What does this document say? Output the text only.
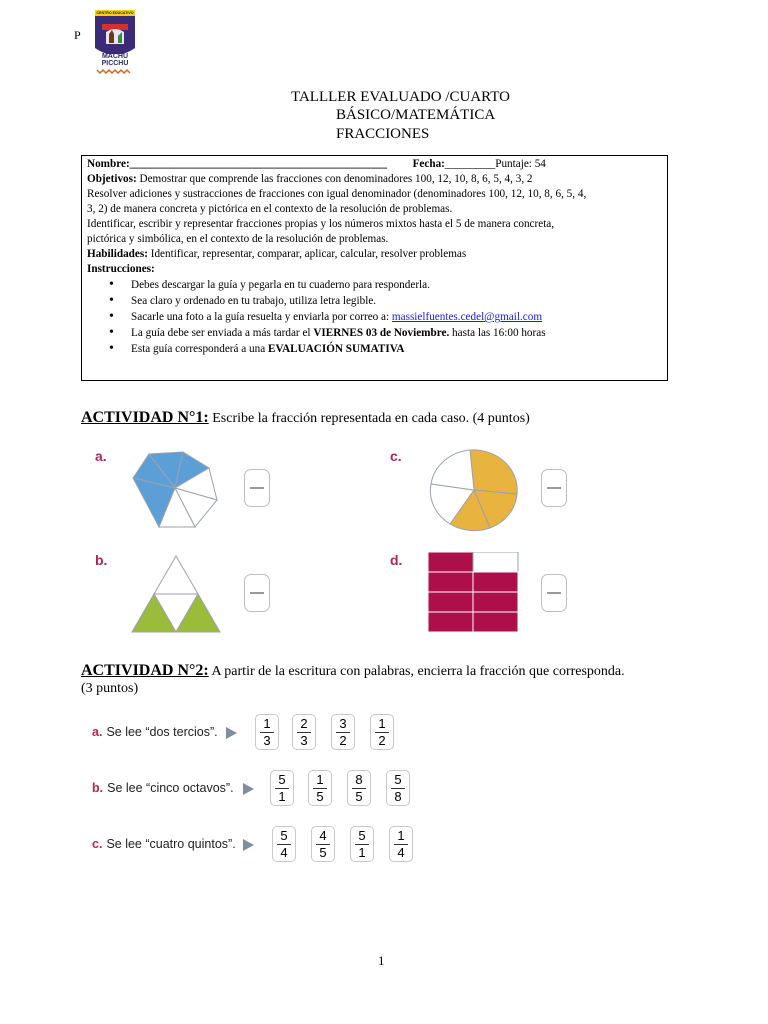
P
CENTRO EDUCATIVO
MACHU
PICCHU
TALLLER EVALUADO /CUARTO
BÁSICO/MATEMÁTICA
FRACCIONES
Nombre:______________________________________________ Fecha:_________Puntaje: 54
Objetivos: Demostrar que comprende las fracciones con denominadores 100, 12, 10, 8, 6, 5, 4, 3, 2
Resolver adiciones y sustracciones de fracciones con igual denominador (denominadores 100, 12, 10, 8, 6, 5, 4,
3, 2) de manera concreta y pictórica en el contexto de la resolución de problemas.
Identificar, escribir y representar fracciones propias y los números mixtos hasta el 5 de manera concreta,
pictórica y simbólica, en el contexto de la resolución de problemas.
Habilidades: Identificar, representar, comparar, aplicar, calcular, resolver problemas
Instrucciones:
• Debes descargar la guía y pegarla en tu cuaderno para responderla.
• Sea claro y ordenado en tu trabajo, utiliza letra legible.
• Sacarle una foto a la guía resuelta y enviarla por correo a: massielfuentes.cedel@gmail.com
• La guía debe ser enviada a más tardar el VIERNES 03 de Noviembre. hasta las 16:00 horas
• Esta guía corresponderá a una EVALUACIÓN SUMATIVA
ACTIVIDAD N°1: Escribe la fracción representada en cada caso. (4 puntos)
a.
b.
c.
d.
ACTIVIDAD N°2: A partir de la escritura con palabras, encierra la fracción que corresponda.
(3 puntos)
a. Se lee “dos tercios”.
1
3
2
3
3
2
1
2
b. Se lee “cinco octavos”.
5
1
1
5
8
5
5
8
c. Se lee “cuatro quintos”.
5
4
4
5
5
1
1
4
1
